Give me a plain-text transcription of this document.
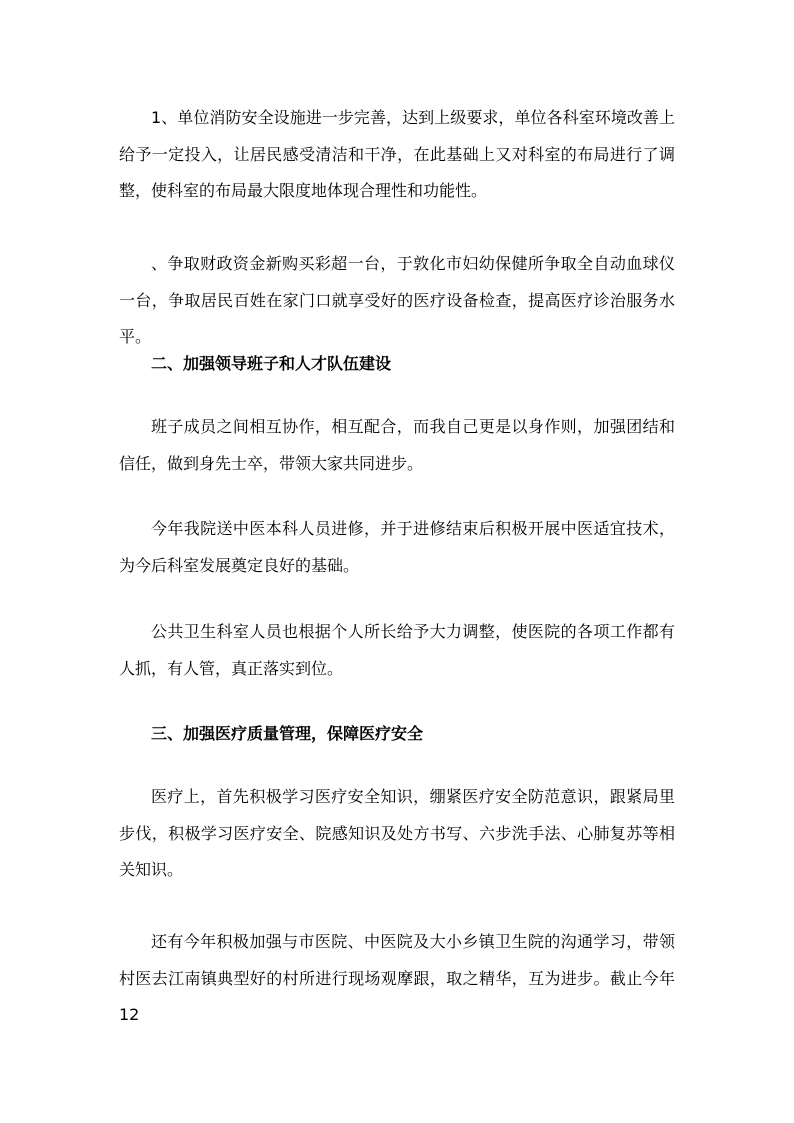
1、单位消防安全设施进一步完善，达到上级要求，单位各科室环境改善上给予一定投入，让居民感受清洁和干净，在此基础上又对科室的布局进行了调整，使科室的布局最大限度地体现合理性和功能性。

、争取财政资金新购买彩超一台，于敦化市妇幼保健所争取全自动血球仪一台，争取居民百姓在家门口就享受好的医疗设备检查，提高医疗诊治服务水平。

二、加强领导班子和人才队伍建设

班子成员之间相互协作，相互配合，而我自己更是以身作则，加强团结和信任，做到身先士卒，带领大家共同进步。

今年我院送中医本科人员进修，并于进修结束后积极开展中医适宜技术，为今后科室发展奠定良好的基础。

公共卫生科室人员也根据个人所长给予大力调整，使医院的各项工作都有人抓，有人管，真正落实到位。

三、加强医疗质量管理，保障医疗安全

医疗上，首先积极学习医疗安全知识，绷紧医疗安全防范意识，跟紧局里步伐，积极学习医疗安全、院感知识及处方书写、六步洗手法、心肺复苏等相关知识。

还有今年积极加强与市医院、中医院及大小乡镇卫生院的沟通学习，带领村医去江南镇典型好的村所进行现场观摩跟，取之精华，互为进步。截止今年 12
